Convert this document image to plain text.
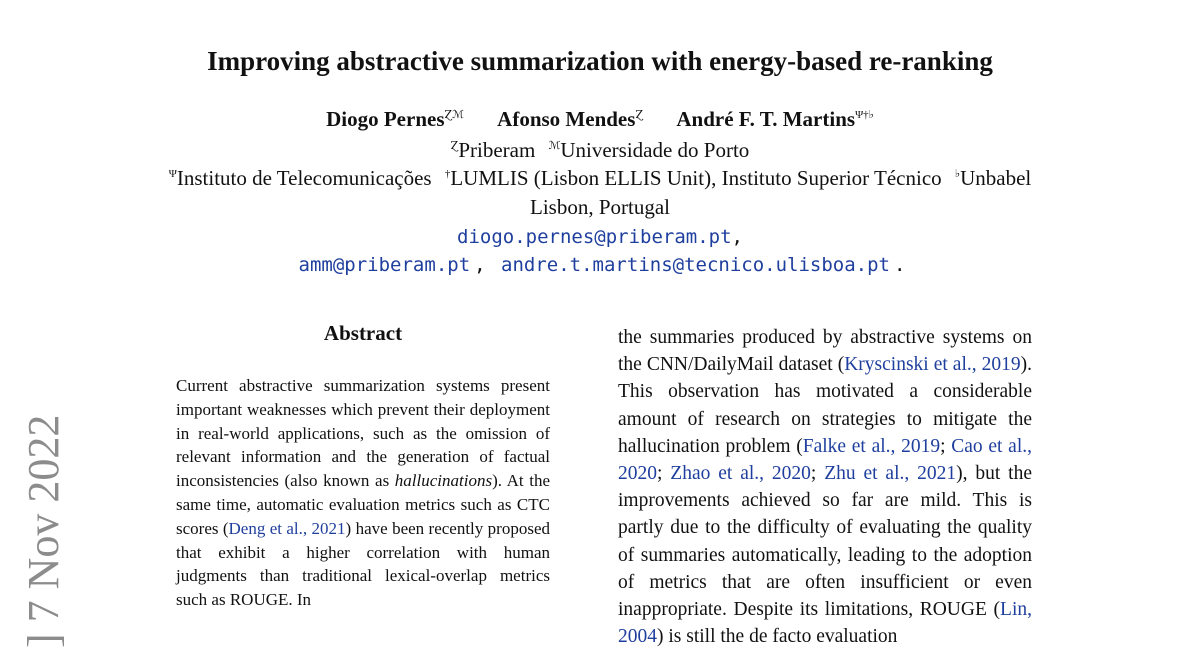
Improving abstractive summarization with energy-based re-ranking
Diogo Pernes$^{Ɀℳ}$ Afonso Mendes$^Ɀ$ André F. T. Martins$^{\Psi\dagger♭}$
$^Ɀ$Priberam $^ℳ$Universidade do Porto
$^\Psi$Instituto de Telecomunicações †LUMLIS (Lisbon ELLIS Unit), Instituto Superior Técnico ♭Unbabel
Lisbon, Portugal
diogo.pernes@priberam.pt,
amm@priberam.pt , andre.t.martins@tecnico.ulisboa.pt .
] 7 Nov 2022
Abstract

Current abstractive summarization systems present important weaknesses which prevent their deployment in real-world applications, such as the omission of relevant information and the generation of factual inconsistencies (also known as hallucinations). At the same time, automatic evaluation metrics such as CTC scores (Deng et al., 2021) have been recently proposed that exhibit a higher correlation with human judgments than traditional lexical-overlap metrics such as ROUGE. In

the summaries produced by abstractive systems on the CNN/DailyMail dataset (Kryscinski et al., 2019). This observation has motivated a considerable amount of research on strategies to mitigate the hallucination problem (Falke et al., 2019; Cao et al., 2020; Zhao et al., 2020; Zhu et al., 2021), but the improvements achieved so far are mild. This is partly due to the difficulty of evaluating the quality of summaries automatically, leading to the adoption of metrics that are often insufficient or even inappropriate. Despite its limitations, ROUGE (Lin, 2004) is still the de facto evaluation
